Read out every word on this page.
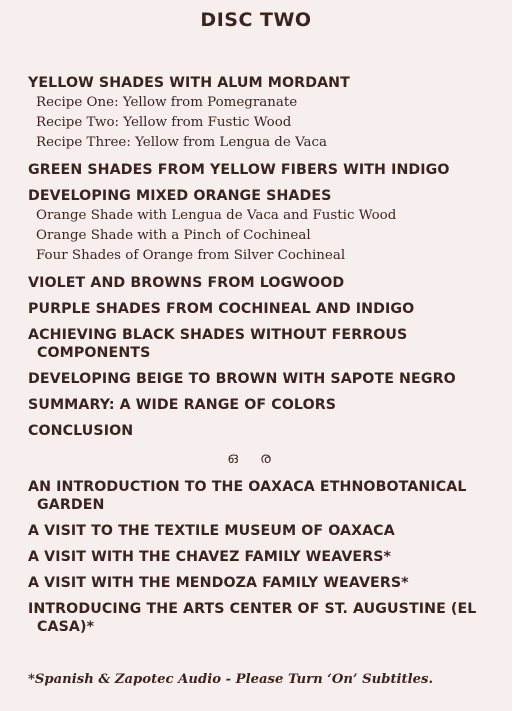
DISC TWO
YELLOW SHADES WITH ALUM MORDANT
Recipe One: Yellow from Pomegranate
Recipe Two: Yellow from Fustic Wood
Recipe Three: Yellow from Lengua de Vaca
GREEN SHADES FROM YELLOW FIBERS WITH INDIGO
DEVELOPING MIXED ORANGE SHADES
Orange Shade with Lengua de Vaca and Fustic Wood
Orange Shade with a Pinch of Cochineal
Four Shades of Orange from Silver Cochineal
VIOLET AND BROWNS FROM LOGWOOD
PURPLE SHADES FROM COCHINEAL AND INDIGO
ACHIEVING BLACK SHADES WITHOUT FERROUS COMPONENTS
DEVELOPING BEIGE TO BROWN WITH SAPOTE NEGRO
SUMMARY: A WIDE RANGE OF COLORS
CONCLUSION
ഒ ര
AN INTRODUCTION TO THE OAXACA ETHNOBOTANICAL GARDEN
A VISIT TO THE TEXTILE MUSEUM OF OAXACA
A VISIT WITH THE CHAVEZ FAMILY WEAVERS*
A VISIT WITH THE MENDOZA FAMILY WEAVERS*
INTRODUCING THE ARTS CENTER OF ST. AUGUSTINE (EL CASA)*
*Spanish & Zapotec Audio - Please Turn ‘On’ Subtitles.
